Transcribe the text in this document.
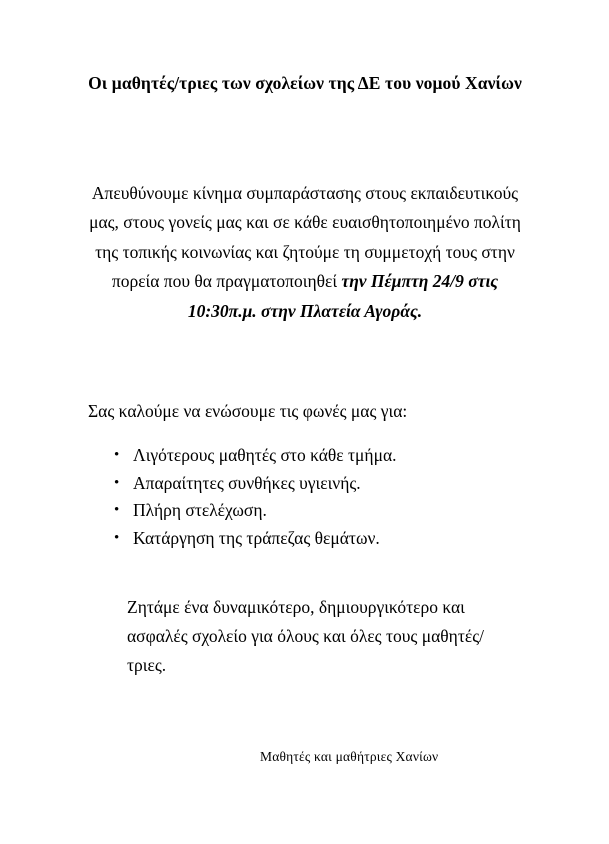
Οι μαθητές/τριες των σχολείων της ΔΕ του νομού Χανίων

Απευθύνουμε κίνημα συμπαράστασης στους εκπαιδευτικούς μας, στους γονείς μας και σε κάθε ευαισθητοποιημένο πολίτη της τοπικής κοινωνίας και ζητούμε τη συμμετοχή τους στην πορεία που θα πραγματοποιηθεί την Πέμπτη 24/9 στις 10:30π.μ. στην Πλατεία Αγοράς.

Σας καλούμε να ενώσουμε τις φωνές μας για:

• Λιγότερους μαθητές στο κάθε τμήμα.
• Απαραίτητες συνθήκες υγιεινής.
• Πλήρη στελέχωση.
• Κατάργηση της τράπεζας θεμάτων.

Ζητάμε ένα δυναμικότερο, δημιουργικότερο και ασφαλές σχολείο για όλους και όλες τους μαθητές/τριες.

Μαθητές και μαθήτριες Χανίων
